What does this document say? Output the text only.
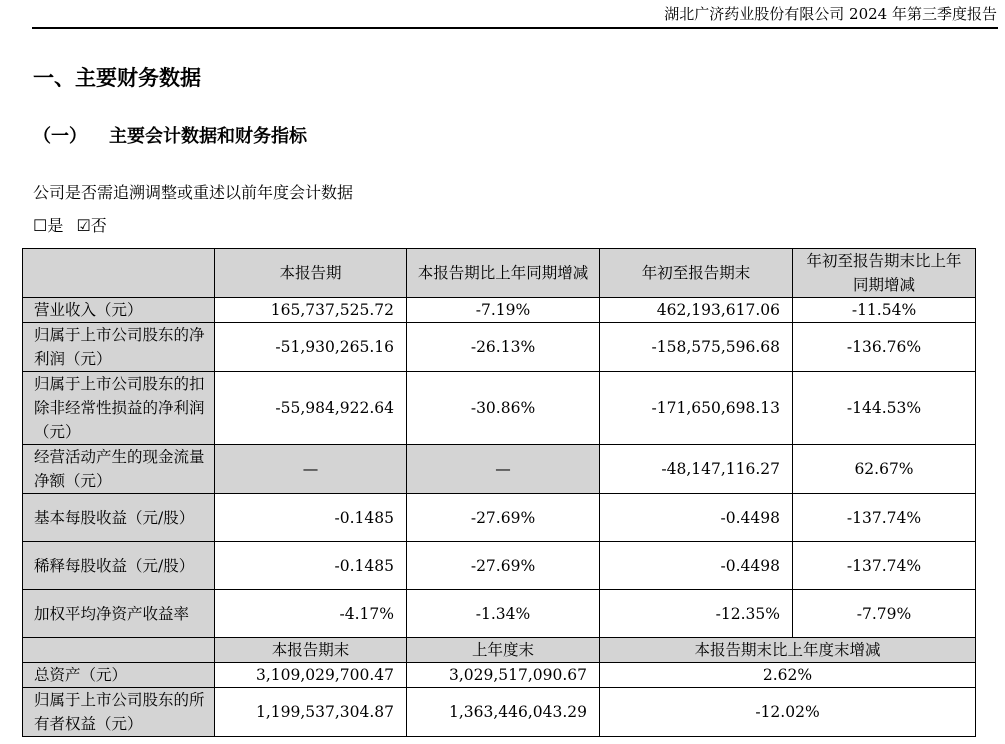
湖北广济药业股份有限公司 2024 年第三季度报告
一、主要财务数据
（一） 主要会计数据和财务指标
公司是否需追溯调整或重述以前年度会计数据
☐ 是
☑ 否
	本报告期	本报告期比上年同期增减	年初至报告期末	年初至报告期末比上年同期增减
营业收入（元）	165,737,525.72	-7.19%	462,193,617.06	-11.54%
归属于上市公司股东的净利润（元）	-51,930,265.16	-26.13%	-158,575,596.68	-136.76%
归属于上市公司股东的扣除非经常性损益的净利润（元）	-55,984,922.64	-30.86%	-171,650,698.13	-144.53%
经营活动产生的现金流量净额（元）	—	—	-48,147,116.27	62.67%
基本每股收益（元/股）	-0.1485	-27.69%	-0.4498	-137.74%
稀释每股收益（元/股）	-0.1485	-27.69%	-0.4498	-137.74%
加权平均净资产收益率	-4.17%	-1.34%	-12.35%	-7.79%
	本报告期末	上年度末	本报告期末比上年度末增减	
总资产（元）	3,109,029,700.47	3,029,517,090.67	2.62%	
归属于上市公司股东的所有者权益（元）	1,199,537,304.87	1,363,446,043.29	-12.02%	
